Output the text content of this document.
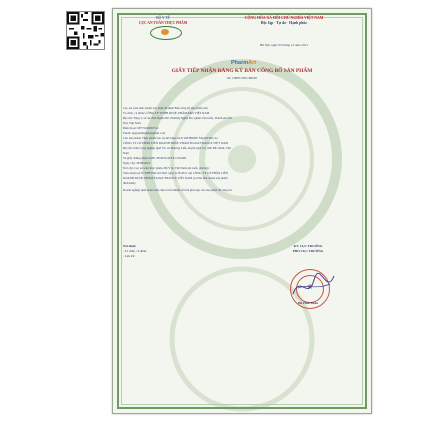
BỘ Y TẾ
CỤC AN TOÀN THỰC PHẨM
CỘNG HÒA XÃ HỘI CHỦ NGHĨA VIỆT NAM
Độc lập - Tự do - Hạnh phúc
Hà Nội, ngày 03 tháng 12 năm 2021
PharmArt
GIẤY TIẾP NHẬN ĐĂNG KÝ BẢN CÔNG BỐ SẢN PHẨM
Số: 10687/2021/ĐKSP
Cục An toàn thực phẩm xác nhận đã nhận Bản công bố sản phẩm của:
Tổ chức, cá nhân: CÔNG TY TNHH DƯỢC PHẨM E&S VIỆT NAM
Địa chỉ: Tầng 2, số 44, Phố Nghĩa Đô, Phường Nghĩa Đô, Quận Cầu Giấy, Thành phố Hà
Nội, Việt Nam
Điện thoại: 0977222609 Fax:
Email: nguyenthuyhk@gmail.com
Cho sản phẩm: Thực phẩm bảo vệ sức khỏe GLUTATHIONE MAXX500; do
CÔNG TY CỔ PHẦN LIÊN DOANH DƯỢC PHẨM ÉLOGE FRANCE VIỆT NAM
Địa chỉ: Khu Công nghiệp Quế Võ, xã Phương Liễu, huyện Quế Võ, tỉnh Bắc Ninh, Việt
Nam
Số giấy chứng nhận GMP: 28/2019/ATTP-CNGMP
Ngày cấp: 30/08/2019
Nơi cấp: Cục an toàn thực phẩm, Bộ Y tế, Việt Nam sản xuất, phù hợp:
Tiêu chuẩn số TCTPHVSK-02:2021 ngày 6/10/2021 của CÔNG TY CỔ PHẦN LIÊN
DOANH DƯỢC PHẨM ÉLOGE FRANCE VIỆT NAM (có bản tiêu chuẩn sản phẩm
đính kèm)
Doanh nghiệp phải hoàn toàn chịu trách nhiệm về tính phù hợp của sản phẩm đã công bố.
Nơi nhận:
- Tổ chức, cá nhân;
- Lưu trữ.
KT. CỤC TRƯỞNG
PHÓ CỤC TRƯỞNG
★
Đỗ Hữu Tuấn
